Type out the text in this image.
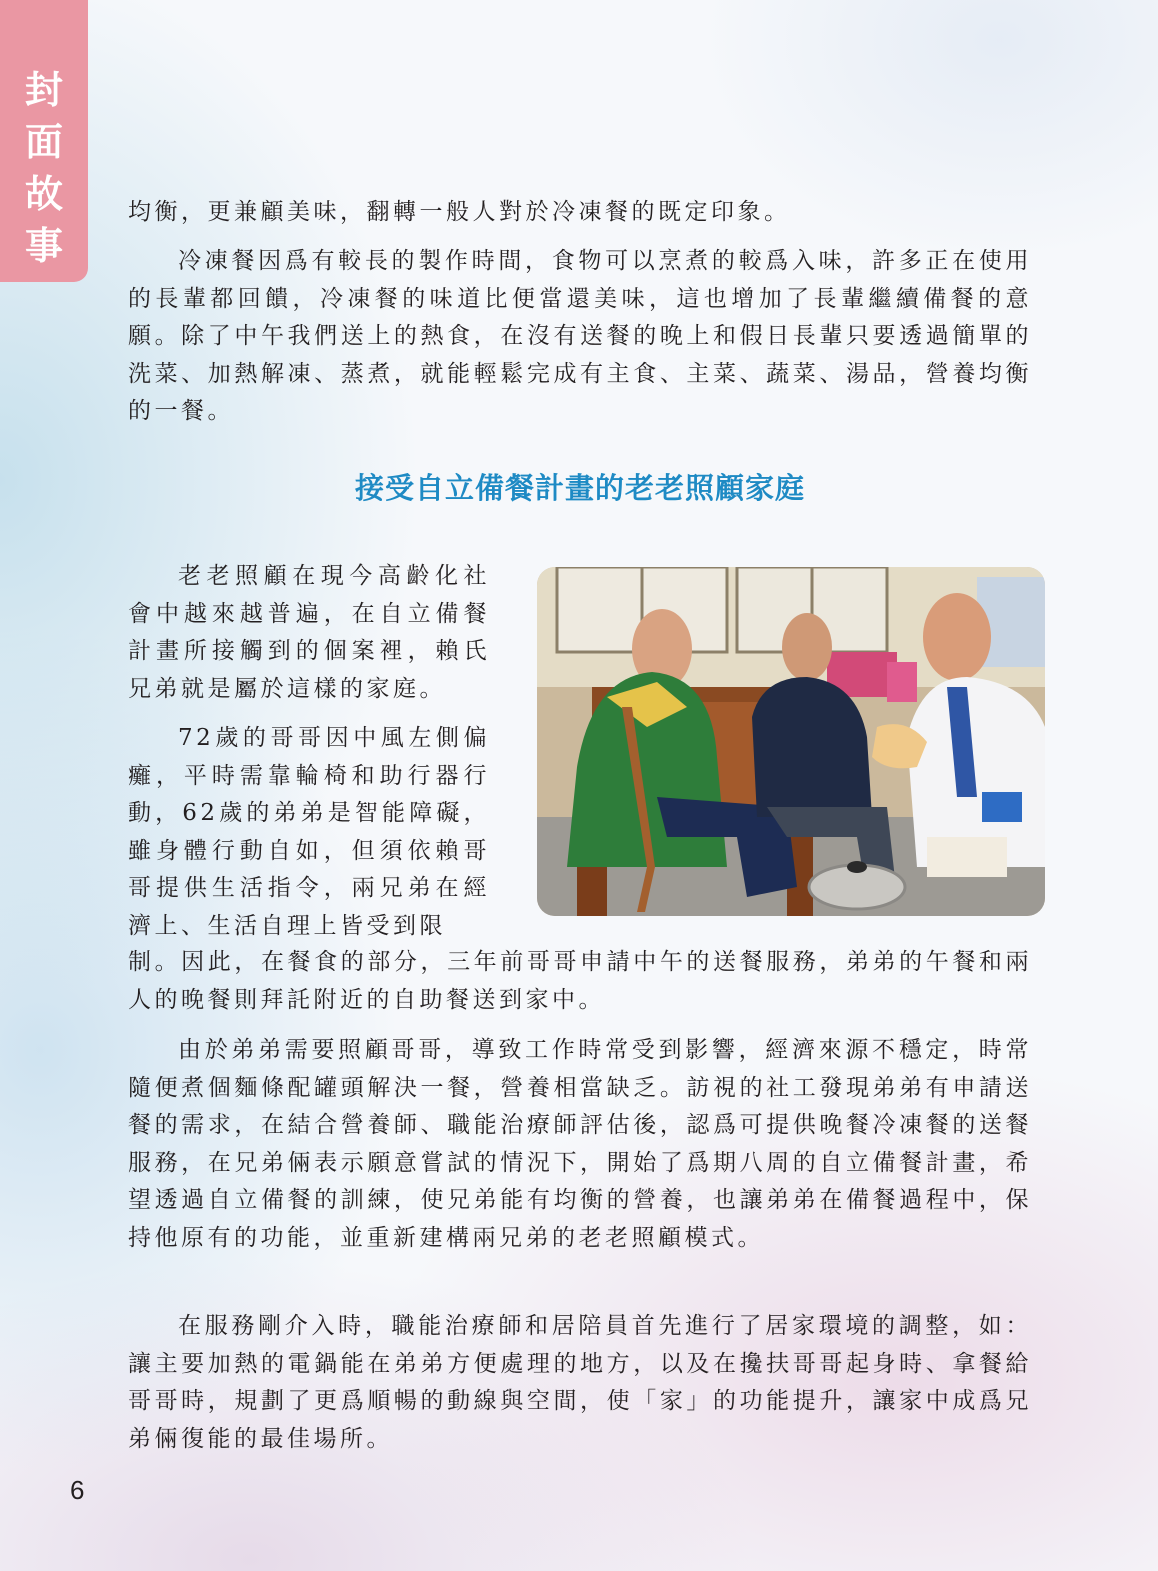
封
面
故
事

均衡，更兼顧美味，翻轉一般人對於冷凍餐的既定印象。

冷凍餐因爲有較長的製作時間，食物可以烹煮的較爲入味，許多正在使用的長輩都回饋，冷凍餐的味道比便當還美味，這也增加了長輩繼續備餐的意願。除了中午我們送上的熱食，在沒有送餐的晚上和假日長輩只要透過簡單的洗菜、加熱解凍、蒸煮，就能輕鬆完成有主食、主菜、蔬菜、湯品，營養均衡的一餐。

接受自立備餐計畫的老老照顧家庭

老老照顧在現今高齡化社會中越來越普遍，在自立備餐計畫所接觸到的個案裡，賴氏兄弟就是屬於這樣的家庭。

72歲的哥哥因中風左側偏癱，平時需靠輪椅和助行器行動，62歲的弟弟是智能障礙，雖身體行動自如，但須依賴哥哥提供生活指令，兩兄弟在經濟上、生活自理上皆受到限

制。因此，在餐食的部分，三年前哥哥申請中午的送餐服務，弟弟的午餐和兩人的晚餐則拜託附近的自助餐送到家中。

由於弟弟需要照顧哥哥，導致工作時常受到影響，經濟來源不穩定，時常隨便煮個麵條配罐頭解決一餐，營養相當缺乏。訪視的社工發現弟弟有申請送餐的需求，在結合營養師、職能治療師評估後，認爲可提供晚餐冷凍餐的送餐服務，在兄弟倆表示願意嘗試的情況下，開始了爲期八周的自立備餐計畫，希望透過自立備餐的訓練，使兄弟能有均衡的營養，也讓弟弟在備餐過程中，保持他原有的功能，並重新建構兩兄弟的老老照顧模式。

在服務剛介入時，職能治療師和居陪員首先進行了居家環境的調整，如：讓主要加熱的電鍋能在弟弟方便處理的地方，以及在攙扶哥哥起身時、拿餐給哥哥時，規劃了更爲順暢的動線與空間，使「家」的功能提升，讓家中成爲兄弟倆復能的最佳場所。

6
